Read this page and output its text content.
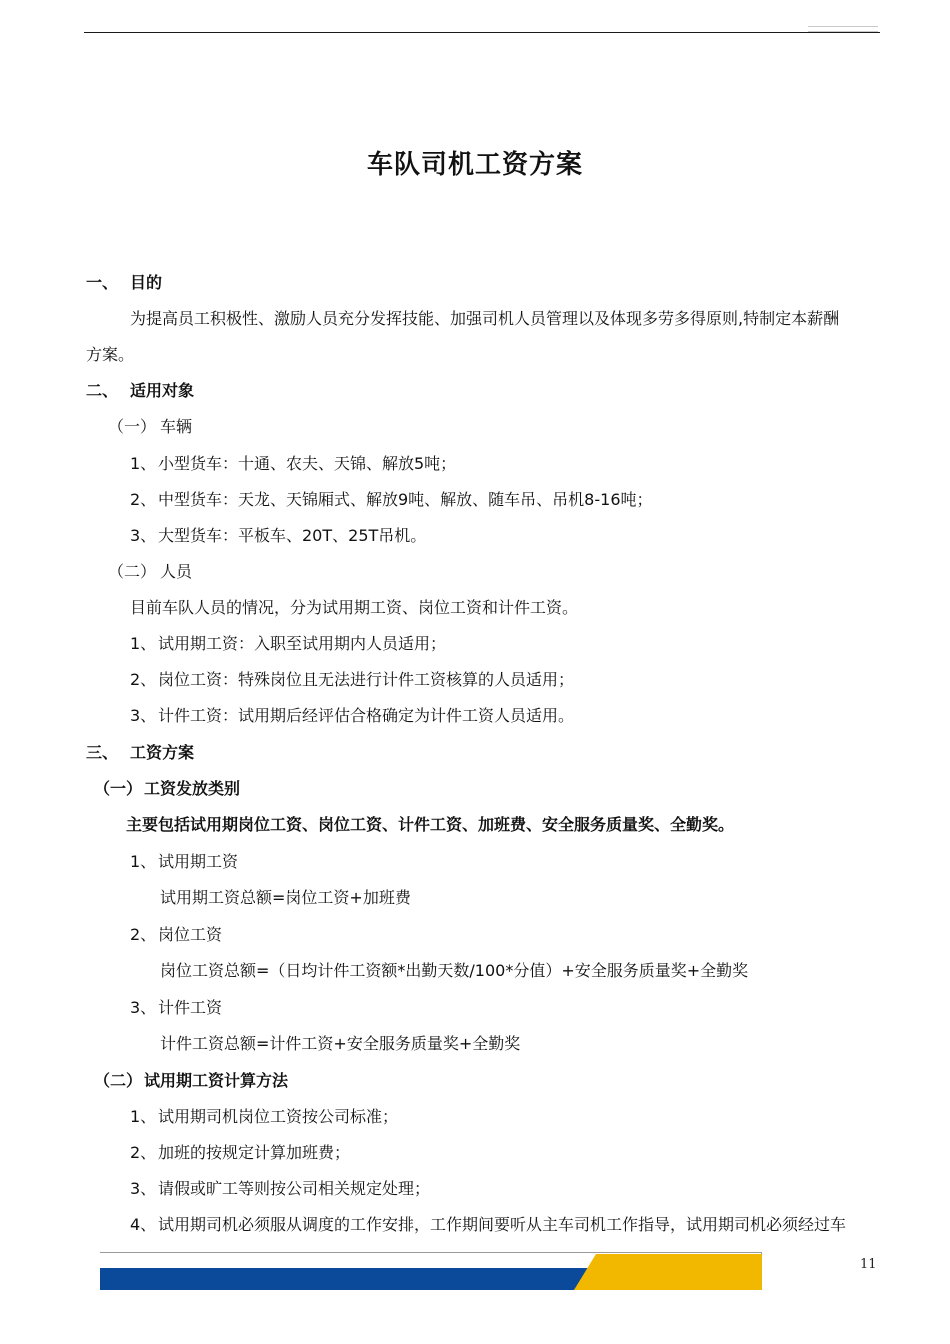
车队司机工资方案
一、 目的
为提高员工积极性、激励人员充分发挥技能、加强司机人员管理以及体现多劳多得原则,特制定本薪酬
方案。
二、 适用对象
（一） 车辆
1、 小型货车：十通、农夫、天锦、解放5吨；
2、 中型货车：天龙、天锦厢式、解放9吨、解放、随车吊、吊机8-16吨；
3、 大型货车：平板车、20T、25T吊机。
（二） 人员
目前车队人员的情况，分为试用期工资、岗位工资和计件工资。
1、 试用期工资：入职至试用期内人员适用；
2、 岗位工资：特殊岗位且无法进行计件工资核算的人员适用；
3、 计件工资：试用期后经评估合格确定为计件工资人员适用。
三、 工资方案
（一） 工资发放类别
主要包括试用期岗位工资、岗位工资、计件工资、加班费、安全服务质量奖、全勤奖。
1、 试用期工资
试用期工资总额=岗位工资+加班费
2、 岗位工资
岗位工资总额=（日均计件工资额*出勤天数/100*分值）+安全服务质量奖+全勤奖
3、 计件工资
计件工资总额=计件工资+安全服务质量奖+全勤奖
（二） 试用期工资计算方法
1、 试用期司机岗位工资按公司标准；
2、 加班的按规定计算加班费；
3、 请假或旷工等则按公司相关规定处理；
4、 试用期司机必须服从调度的工作安排，工作期间要听从主车司机工作指导，试用期司机必须经过车
11
